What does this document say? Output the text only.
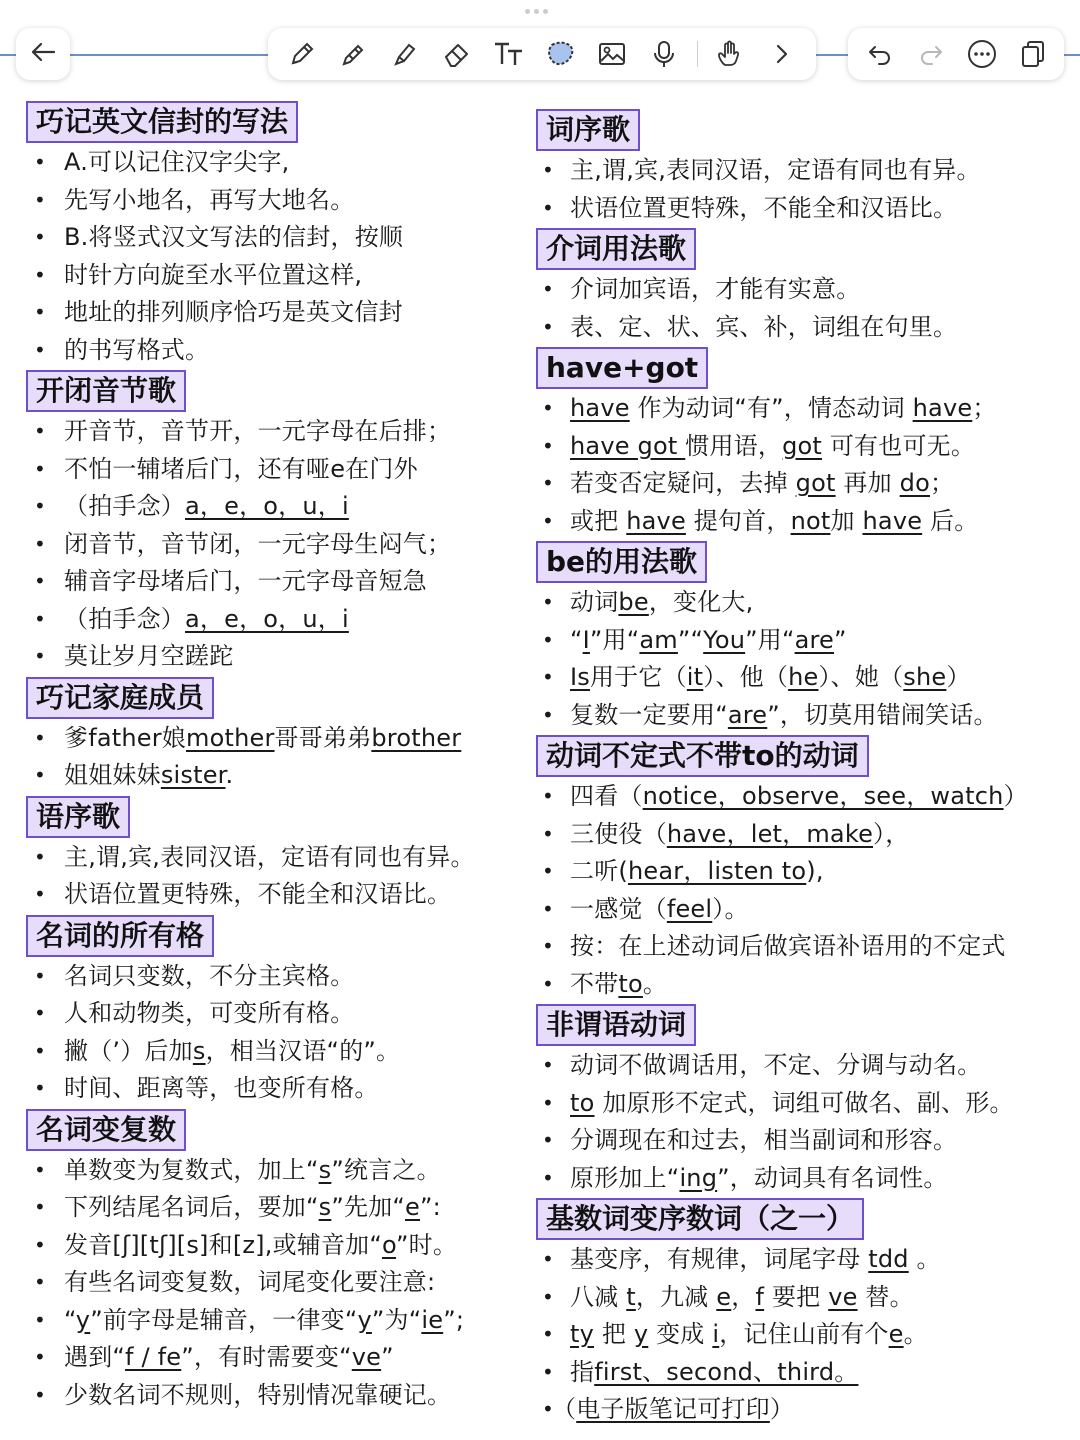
巧记英文信封的写法
• A.可以记住汉字尖字,
• 先写小地名，再写大地名。
• B.将竖式汉文写法的信封，按顺
• 时针方向旋至水平位置这样,
• 地址的排列顺序恰巧是英文信封
• 的书写格式。
开闭音节歌
• 开音节，音节开，一元字母在后排；
• 不怕一辅堵后门，还有哑e在门外
• （拍手念）a，e，o，u，i
• 闭音节，音节闭，一元字母生闷气；
• 辅音字母堵后门，一元字母音短急
• （拍手念）a，e，o，u，i
• 莫让岁月空蹉跎
巧记家庭成员
• 爹father娘mother哥哥弟弟brother
• 姐姐妹妹sister.
语序歌
• 主,谓,宾,表同汉语，定语有同也有异。
• 状语位置更特殊，不能全和汉语比。
名词的所有格
• 名词只变数，不分主宾格。
• 人和动物类，可变所有格。
• 撇（’）后加s，相当汉语“的”。
• 时间、距离等，也变所有格。
名词变复数
• 单数变为复数式，加上“s”统言之。
• 下列结尾名词后，要加“s”先加“e”:
• 发音[ʃ][tʃ][s]和[z],或辅音加“o”时。
• 有些名词变复数，词尾变化要注意:
• “y”前字母是辅音，一律变“y”为“ie”;
• 遇到“f / fe”，有时需要变“ve”
• 少数名词不规则，特别情况靠硬记。
词序歌
• 主,谓,宾,表同汉语，定语有同也有异。
• 状语位置更特殊，不能全和汉语比。
介词用法歌
• 介词加宾语，才能有实意。
• 表、定、状、宾、补，词组在句里。
have+got
• have 作为动词“有”，情态动词 have；
• have got 惯用语，got 可有也可无。
• 若变否定疑问，去掉 got 再加 do；
• 或把 have 提句首，not加 have 后。
be的用法歌
• 动词be，变化大,
• “I”用“am”“You”用“are”
• Is用于它（it）、他（he）、她（she）
• 复数一定要用“are”，切莫用错闹笑话。
动词不定式不带to的动词
• 四看（notice，observe，see，watch）
• 三使役（have，let，make），
• 二听(hear，listen to),
• 一感觉（feel）。
• 按：在上述动词后做宾语补语用的不定式
• 不带to。
非谓语动词
• 动词不做调话用，不定、分调与动名。
• to 加原形不定式，词组可做名、副、形。
• 分调现在和过去，相当副词和形容。
• 原形加上“ing”，动词具有名词性。
基数词变序数词（之一）
• 基变序，有规律，词尾字母 tdd 。
• 八减 t，九减 e，f 要把 ve 替。
• ty 把 y 变成 i，记住山前有个e。
• 指first、second、third。
• （电子版笔记可打印）
